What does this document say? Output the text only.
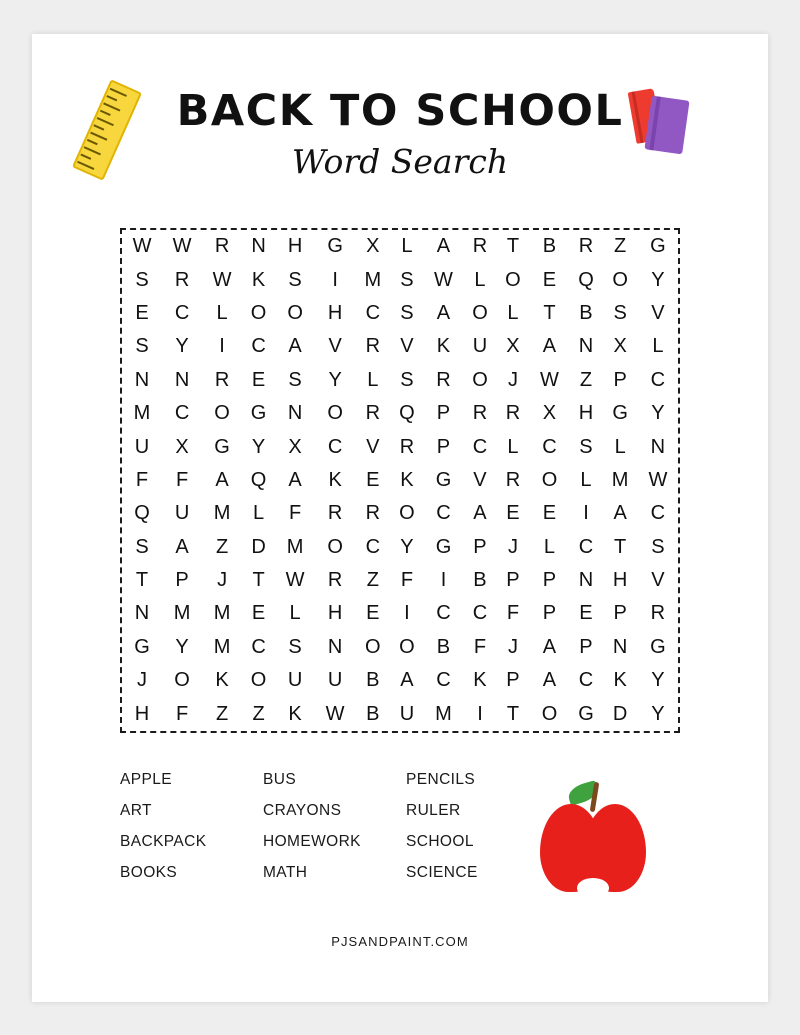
BACK TO SCHOOL
Word Search
W	W	R	N	H	G	X	L	A	R	T	B	R	Z	G
S	R	W	K	S	I	M	S	W	L	O	E	Q	O	Y
E	C	L	O	O	H	C	S	A	O	L	T	B	S	V
S	Y	I	C	A	V	R	V	K	U	X	A	N	X	L
N	N	R	E	S	Y	L	S	R	O	J	W	Z	P	C
M	C	O	G	N	O	R	Q	P	R	R	X	H	G	Y
U	X	G	Y	X	C	V	R	P	C	L	C	S	L	N
F	F	A	Q	A	K	E	K	G	V	R	O	L	M	W
Q	U	M	L	F	R	R	O	C	A	E	E	I	A	C
S	A	Z	D	M	O	C	Y	G	P	J	L	C	T	S
T	P	J	T	W	R	Z	F	I	B	P	P	N	H	V
N	M	M	E	L	H	E	I	C	C	F	P	E	P	R
G	Y	M	C	S	N	O	O	B	F	J	A	P	N	G
J	O	K	O	U	U	B	A	C	K	P	A	C	K	Y
H	F	Z	Z	K	W	B	U	M	I	T	O	G	D	Y
APPLE
ART
BACKPACK
BOOKS
BUS
CRAYONS
HOMEWORK
MATH
PENCILS
RULER
SCHOOL
SCIENCE
PJSANDPAINT.COM
